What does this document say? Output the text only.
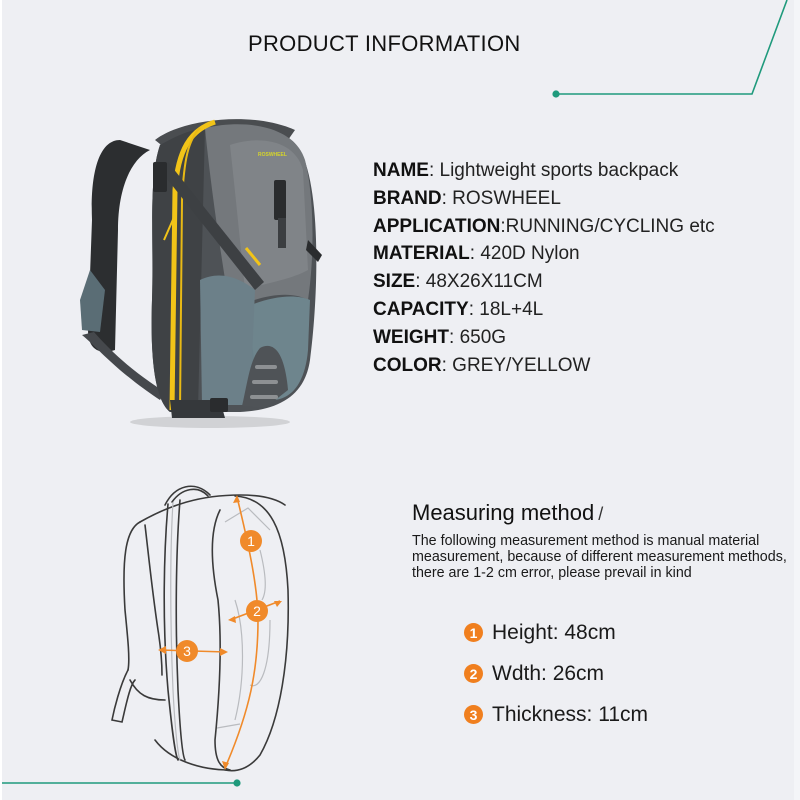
PRODUCT INFORMATION
ROSWHEEL
NAME: Lightweight sports backpack
BRAND: ROSWHEEL
APPLICATION:RUNNING/CYCLING etc
MATERIAL: 420D Nylon
SIZE: 48X26X11CM
CAPACITY: 18L+4L
WEIGHT: 650G
COLOR: GREY/YELLOW
1
2
3
Measuring method /
The following measurement method is manual material measurement, because of different measurement methods, there are 1-2 cm error, please prevail in kind
1 Height : 48cm
2 Wdth : 26cm
3 Thickness : 11cm
